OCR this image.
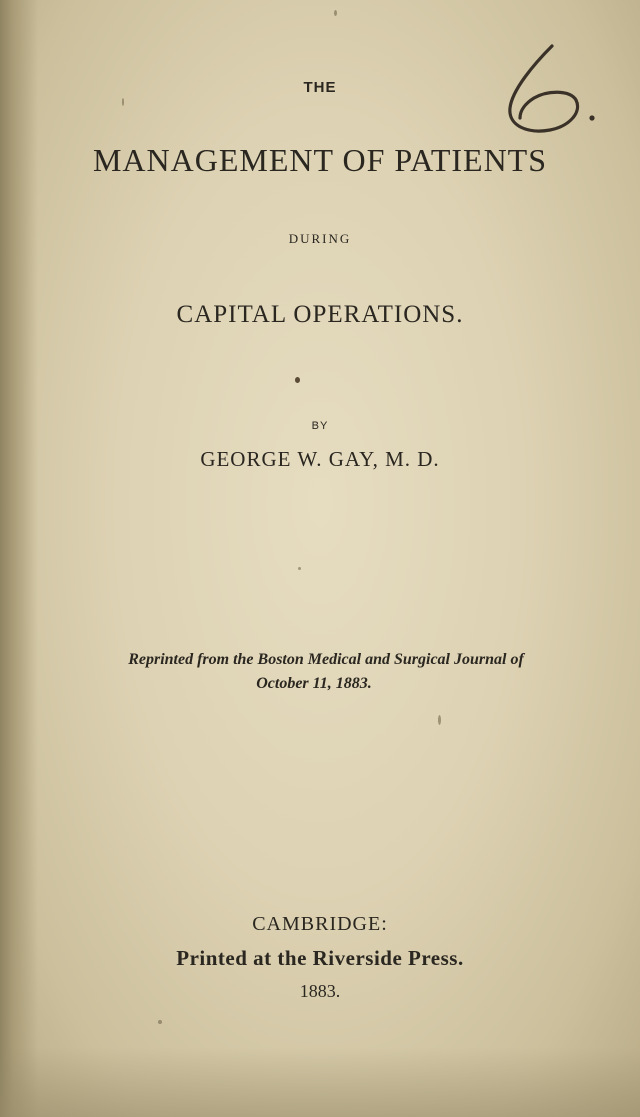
THE
MANAGEMENT OF PATIENTS
DURING
CAPITAL OPERATIONS.
BY
GEORGE W. GAY, M. D.
Reprinted from the Boston Medical and Surgical Journal of
October 11, 1883.
CAMBRIDGE:
Printed at the Riverside Press.
1883.
